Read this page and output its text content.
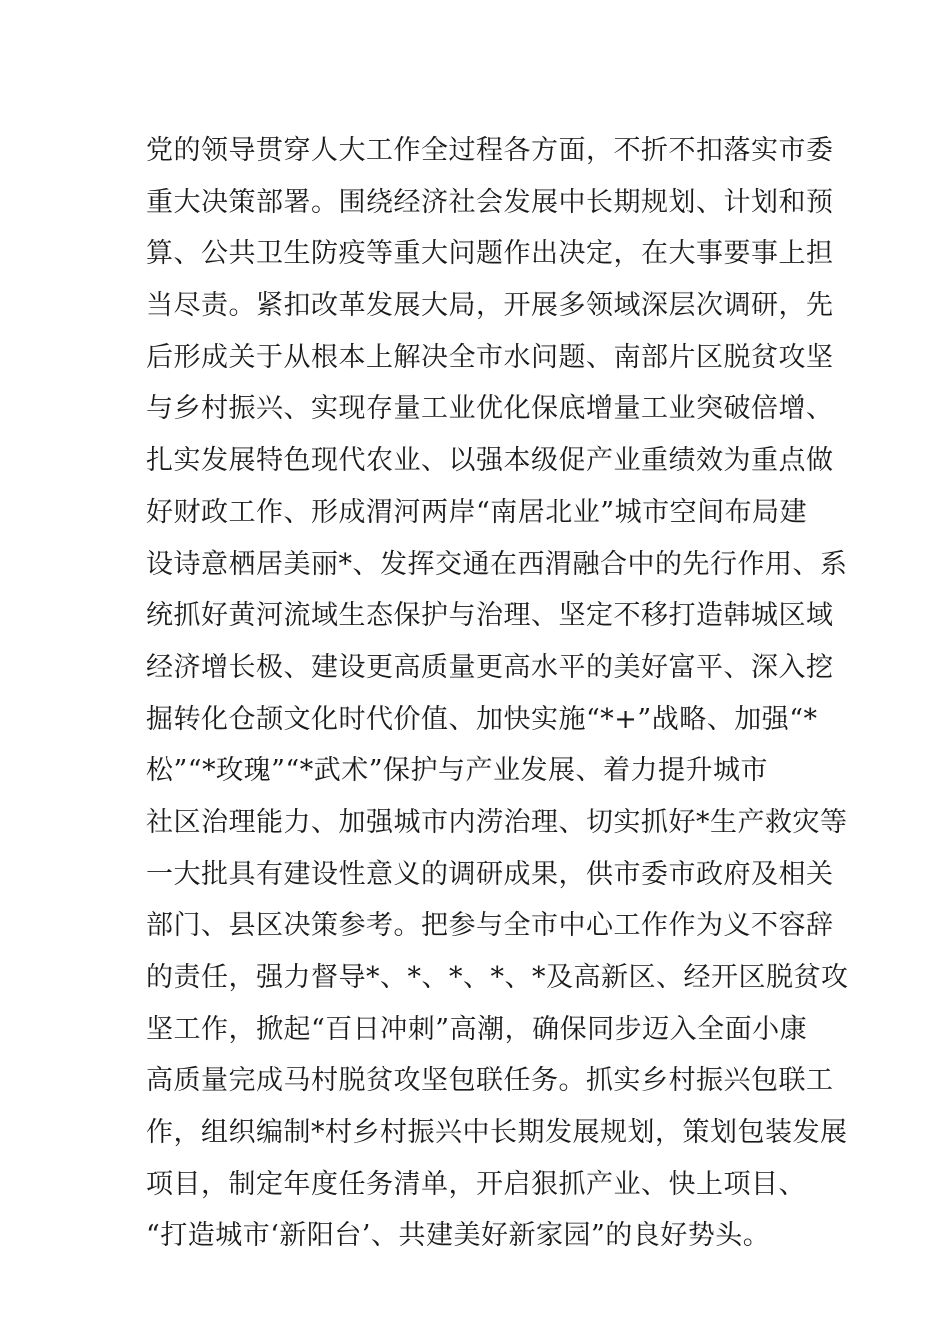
党的领导贯穿人大工作全过程各方面，不折不扣落实市委
重大决策部署。围绕经济社会发展中长期规划、计划和预
算、公共卫生防疫等重大问题作出决定，在大事要事上担
当尽责。紧扣改革发展大局，开展多领域深层次调研，先
后形成关于从根本上解决全市水问题、南部片区脱贫攻坚
与乡村振兴、实现存量工业优化保底增量工业突破倍增、
扎实发展特色现代农业、以强本级促产业重绩效为重点做
好财政工作、形成渭河两岸“南居北业”城市空间布局建
设诗意栖居美丽*、发挥交通在西渭融合中的先行作用、系
统抓好黄河流域生态保护与治理、坚定不移打造韩城区域
经济增长极、建设更高质量更高水平的美好富平、深入挖
掘转化仓颉文化时代价值、加快实施“*+”战略、加强“*
松”“*玫瑰”“*武术”保护与产业发展、着力提升城市
社区治理能力、加强城市内涝治理、切实抓好*生产救灾等
一大批具有建设性意义的调研成果，供市委市政府及相关
部门、县区决策参考。把参与全市中心工作作为义不容辞
的责任，强力督导*、*、*、*、*及高新区、经开区脱贫攻
坚工作，掀起“百日冲刺”高潮，确保同步迈入全面小康
高质量完成马村脱贫攻坚包联任务。抓实乡村振兴包联工
作，组织编制*村乡村振兴中长期发展规划，策划包装发展
项目，制定年度任务清单，开启狠抓产业、快上项目、
“打造城市‘新阳台’、共建美好新家园”的良好势头。
